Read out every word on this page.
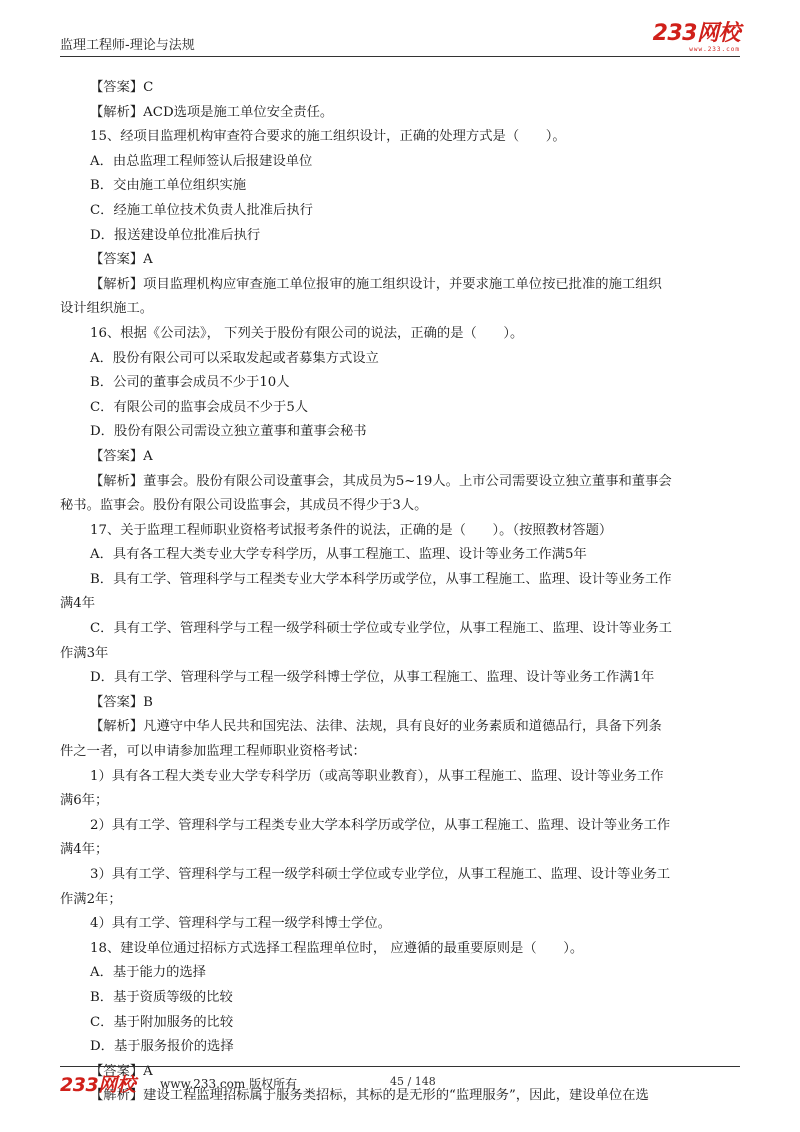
监理工程师-理论与法规	233网校
www.233.com

【答案】C

【解析】ACD选项是施工单位安全责任。

15、经项目监理机构审查符合要求的施工组织设计，正确的处理方式是（　　）。

A．由总监理工程师签认后报建设单位

B．交由施工单位组织实施

C．经施工单位技术负责人批准后执行

D．报送建设单位批准后执行

【答案】A

【解析】项目监理机构应审查施工单位报审的施工组织设计，并要求施工单位按已批准的施工组织

设计组织施工。

16、根据《公司法》， 下列关于股份有限公司的说法，正确的是（　　）。

A．股份有限公司可以采取发起或者募集方式设立

B．公司的董事会成员不少于10人

C．有限公司的监事会成员不少于5人

D．股份有限公司需设立独立董事和董事会秘书

【答案】A

【解析】董事会。股份有限公司设董事会，其成员为5~19人。上市公司需要设立独立董事和董事会

秘书。监事会。股份有限公司设监事会，其成员不得少于3人。

17、关于监理工程师职业资格考试报考条件的说法，正确的是（　　）。（按照教材答题）

A．具有各工程大类专业大学专科学历，从事工程施工、监理、设计等业务工作满5年

B．具有工学、管理科学与工程类专业大学本科学历或学位，从事工程施工、监理、设计等业务工作

满4年

C．具有工学、管理科学与工程一级学科硕士学位或专业学位，从事工程施工、监理、设计等业务工

作满3年

D．具有工学、管理科学与工程一级学科博士学位，从事工程施工、监理、设计等业务工作满1年

【答案】B

【解析】凡遵守中华人民共和国宪法、法律、法规，具有良好的业务素质和道德品行，具备下列条

件之一者，可以申请参加监理工程师职业资格考试：

1）具有各工程大类专业大学专科学历（或高等职业教育），从事工程施工、监理、设计等业务工作

满6年；

2）具有工学、管理科学与工程类专业大学本科学历或学位，从事工程施工、监理、设计等业务工作

满4年；

3）具有工学、管理科学与工程一级学科硕士学位或专业学位，从事工程施工、监理、设计等业务工

作满2年；

4）具有工学、管理科学与工程一级学科博士学位。

18、建设单位通过招标方式选择工程监理单位时， 应遵循的最重要原则是（　　）。

A．基于能力的选择

B．基于资质等级的比较

C．基于附加服务的比较

D．基于服务报价的选择

【答案】A

【解析】建设工程监理招标属于服务类招标，其标的是无形的“监理服务”，因此，建设单位在选

233网校 www.233.com 版权所有	45 / 148
